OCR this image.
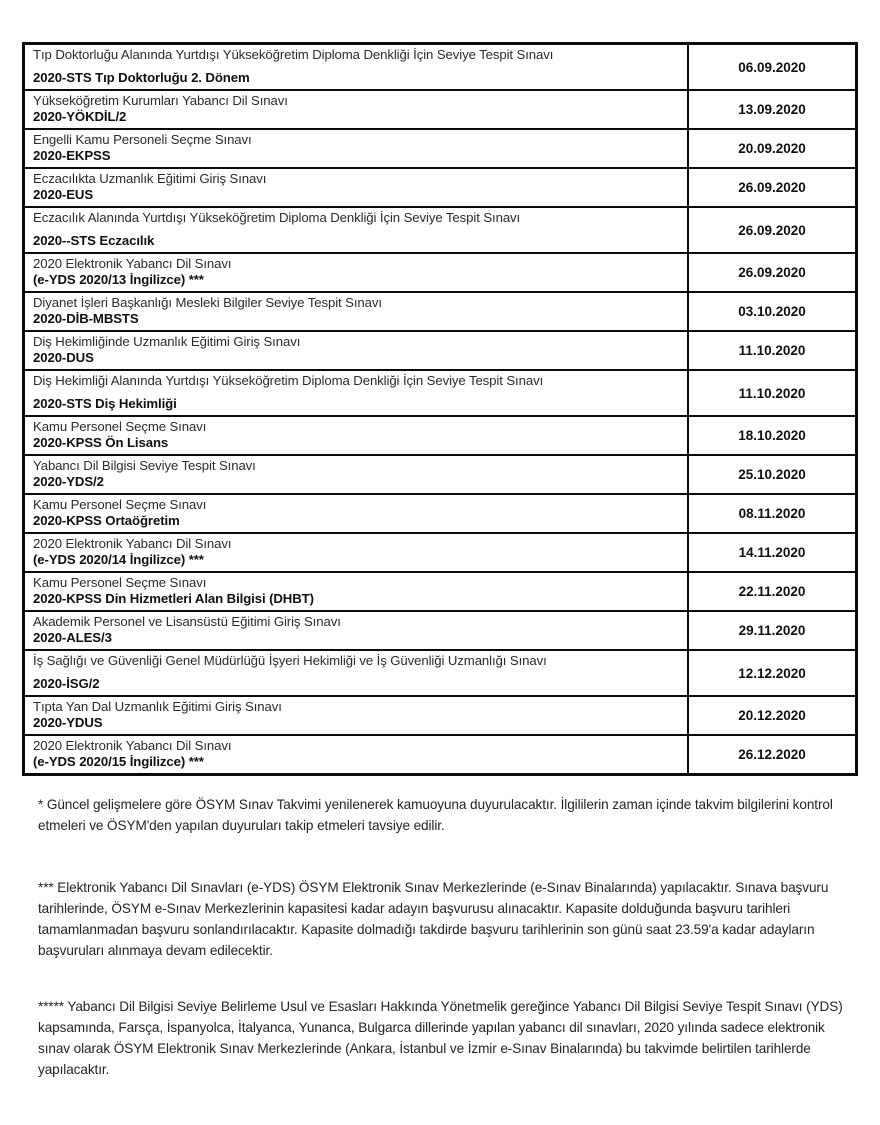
Tıp Doktorluğu Alanında Yurtdışı Yükseköğretim Diploma Denkliği İçin Seviye Tespit Sınavı
2020-STS Tıp Doktorluğu 2. Dönem
06.09.2020
Yükseköğretim Kurumları Yabancı Dil Sınavı
2020-YÖKDİL/2	13.09.2020
Engelli Kamu Personeli Seçme Sınavı
2020-EKPSS	20.09.2020
Eczacılıkta Uzmanlık Eğitimi Giriş Sınavı
2020-EUS	26.09.2020
Eczacılık Alanında Yurtdışı Yükseköğretim Diploma Denkliği İçin Seviye Tespit Sınavı
2020--STS Eczacılık
26.09.2020
2020 Elektronik Yabancı Dil Sınavı
(e-YDS 2020/13 İngilizce) ***	26.09.2020
Diyanet İşleri Başkanlığı Mesleki Bilgiler Seviye Tespit Sınavı
2020-DİB-MBSTS	03.10.2020
Diş Hekimliğinde Uzmanlık Eğitimi Giriş Sınavı
2020-DUS	11.10.2020
Diş Hekimliği Alanında Yurtdışı Yükseköğretim Diploma Denkliği İçin Seviye Tespit Sınavı
2020-STS Diş Hekimliği
11.10.2020
Kamu Personel Seçme Sınavı
2020-KPSS Ön Lisans	18.10.2020
Yabancı Dil Bilgisi Seviye Tespit Sınavı
2020-YDS/2	25.10.2020
Kamu Personel Seçme Sınavı
2020-KPSS Ortaöğretim	08.11.2020
2020 Elektronik Yabancı Dil Sınavı
(e-YDS 2020/14 İngilizce) ***	14.11.2020
Kamu Personel Seçme Sınavı
2020-KPSS Din Hizmetleri Alan Bilgisi (DHBT)	22.11.2020
Akademik Personel ve Lisansüstü Eğitimi Giriş Sınavı
2020-ALES/3	29.11.2020
İş Sağlığı ve Güvenliği Genel Müdürlüğü İşyeri Hekimliği ve İş Güvenliği Uzmanlığı Sınavı
2020-İSG/2
12.12.2020
Tıpta Yan Dal Uzmanlık Eğitimi Giriş Sınavı
2020-YDUS	20.12.2020
2020 Elektronik Yabancı Dil Sınavı
(e-YDS 2020/15 İngilizce) ***	26.12.2020
* Güncel gelişmelere göre ÖSYM Sınav Takvimi yenilenerek kamuoyuna duyurulacaktır. İlgililerin zaman içinde takvim bilgilerini kontrol etmeleri ve ÖSYM'den yapılan duyuruları takip etmeleri tavsiye edilir.
*** Elektronik Yabancı Dil Sınavları (e-YDS) ÖSYM Elektronik Sınav Merkezlerinde (e-Sınav Binalarında) yapılacaktır. Sınava başvuru tarihlerinde, ÖSYM e-Sınav Merkezlerinin kapasitesi kadar adayın başvurusu alınacaktır. Kapasite dolduğunda başvuru tarihleri tamamlanmadan başvuru sonlandırılacaktır. Kapasite dolmadığı takdirde başvuru tarihlerinin son günü saat 23.59'a kadar adayların başvuruları alınmaya devam edilecektir.
***** Yabancı Dil Bilgisi Seviye Belirleme Usul ve Esasları Hakkında Yönetmelik gereğince Yabancı Dil Bilgisi Seviye Tespit Sınavı (YDS) kapsamında, Farsça, İspanyolca, İtalyanca, Yunanca, Bulgarca dillerinde yapılan yabancı dil sınavları, 2020 yılında sadece elektronik sınav olarak ÖSYM Elektronik Sınav Merkezlerinde (Ankara, İstanbul ve İzmir e-Sınav Binalarında) bu takvimde belirtilen tarihlerde yapılacaktır.
